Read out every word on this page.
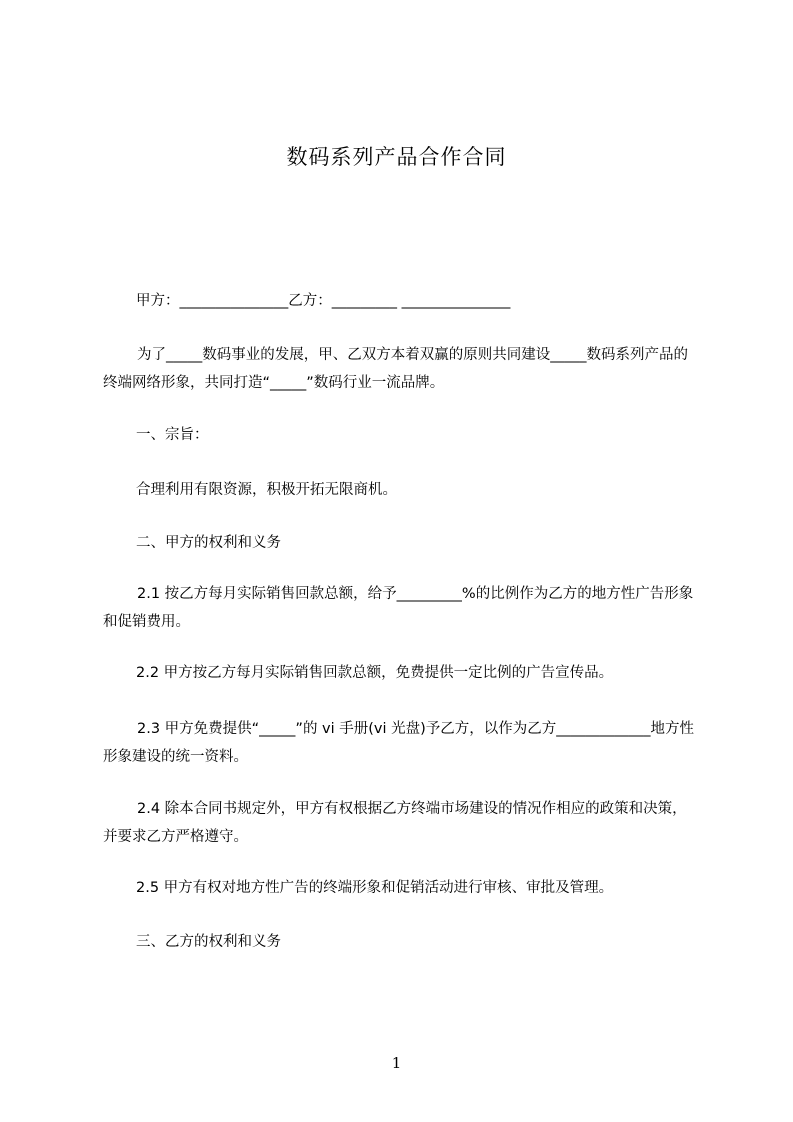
数码系列产品合作合同

甲方：_______________乙方：_________ _______________

为了_____数码事业的发展，甲、乙双方本着双赢的原则共同建设_____数码系列产品的终端网络形象，共同打造“_____”数码行业一流品牌。

一、宗旨：

合理利用有限资源，积极开拓无限商机。

二、甲方的权利和义务

2.1 按乙方每月实际销售回款总额，给予_________%的比例作为乙方的地方性广告形象和促销费用。

2.2 甲方按乙方每月实际销售回款总额，免费提供一定比例的广告宣传品。

2.3 甲方免费提供“_____”的 vi 手册(vi 光盘)予乙方，以作为乙方_____________地方性形象建设的统一资料。

2.4 除本合同书规定外，甲方有权根据乙方终端市场建设的情况作相应的政策和决策，并要求乙方严格遵守。

2.5 甲方有权对地方性广告的终端形象和促销活动进行审核、审批及管理。

三、乙方的权利和义务

1
